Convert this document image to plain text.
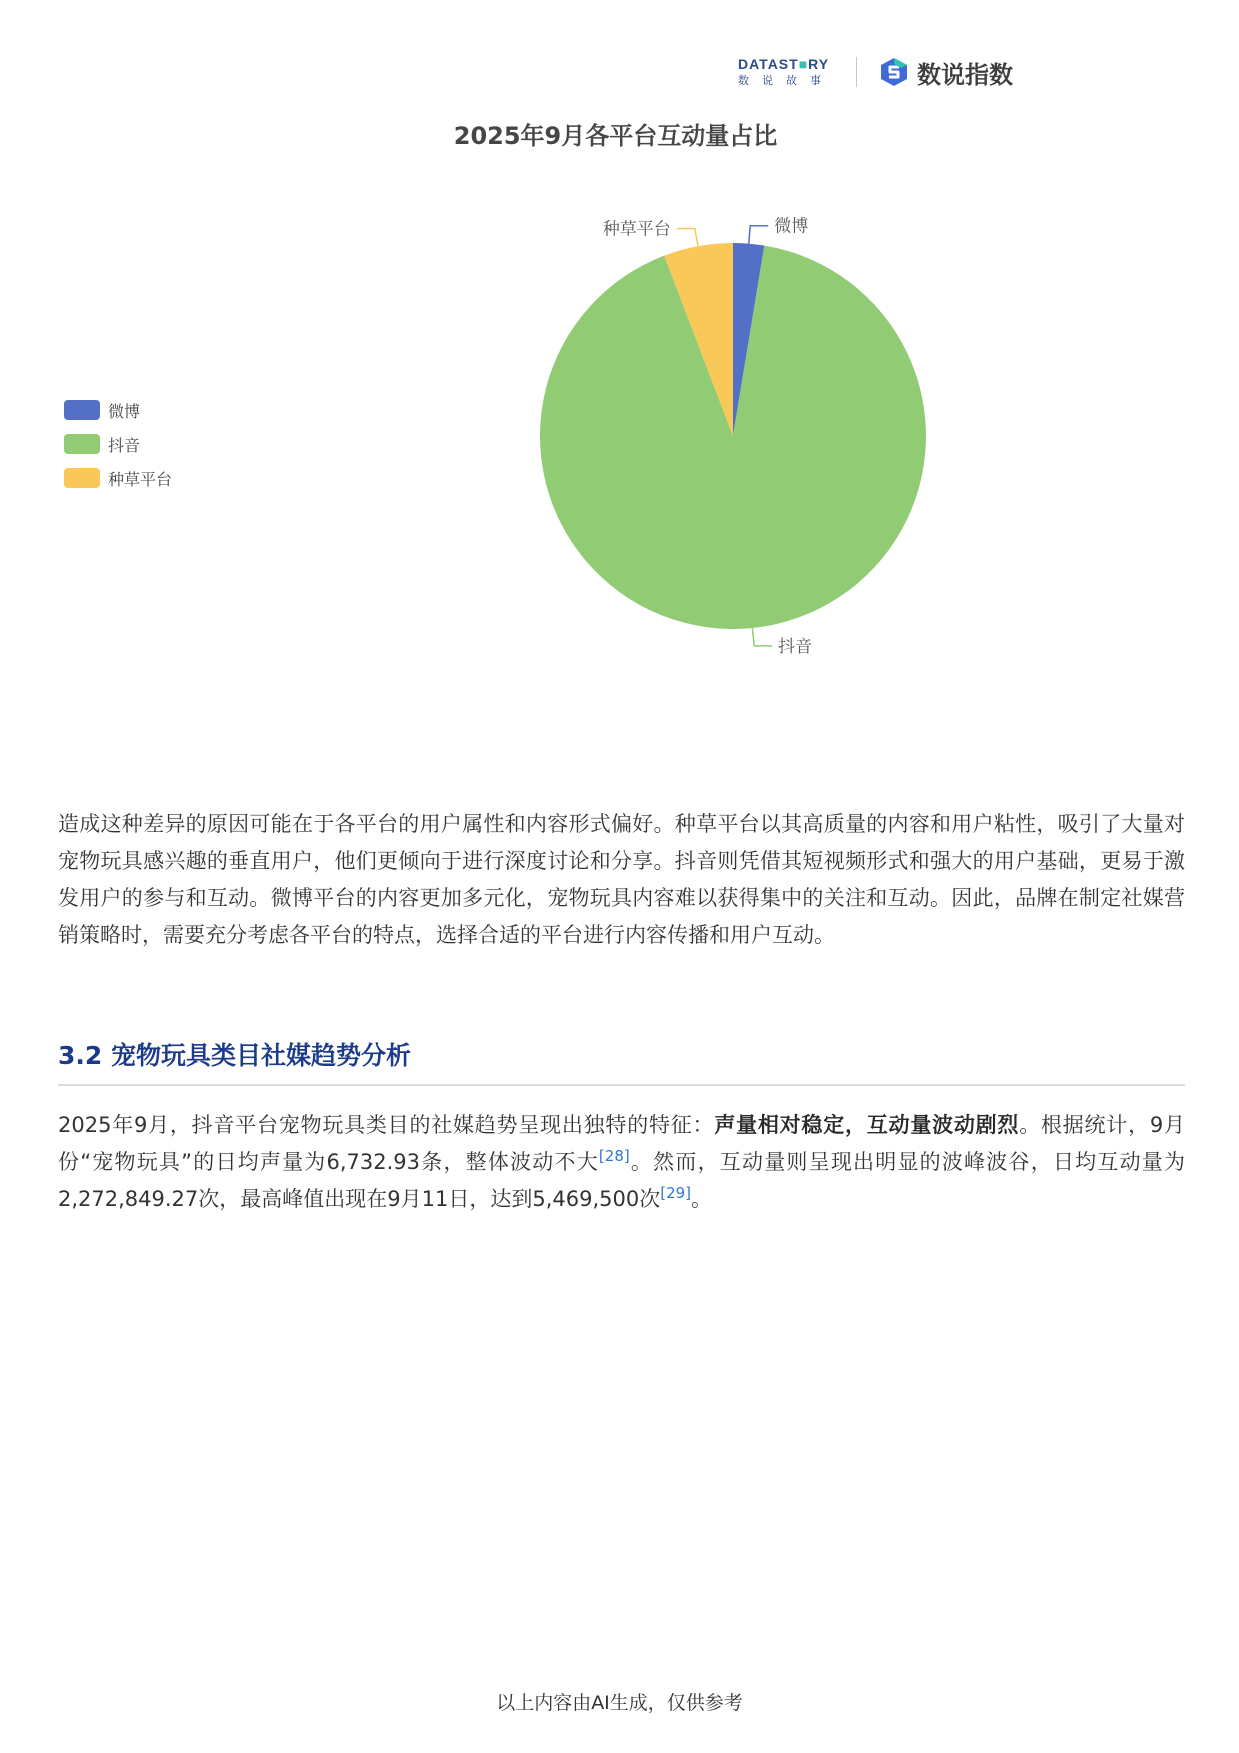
DATAST■RY
数说故事	数说指数
2025年9月各平台互动量占比
微博
抖音
种草平台
微博
抖音
种草平台

造成这种差异的原因可能在于各平台的用户属性和内容形式偏好。种草平台以其高质量的内容和用户粘性，吸引了大量对宠物玩具感兴趣的垂直用户，他们更倾向于进行深度讨论和分享。抖音则凭借其短视频形式和强大的用户基础，更易于激发用户的参与和互动。微博平台的内容更加多元化，宠物玩具内容难以获得集中的关注和互动。因此，品牌在制定社媒营销策略时，需要充分考虑各平台的特点，选择合适的平台进行内容传播和用户互动。

3.2 宠物玩具类目社媒趋势分析

2025年9月，抖音平台宠物玩具类目的社媒趋势呈现出独特的特征：声量相对稳定，互动量波动剧烈。根据统计，9月份“宠物玩具”的日均声量为6,732.93条，整体波动不大[28]。然而，互动量则呈现出明显的波峰波谷，日均互动量为2,272,849.27次，最高峰值出现在9月11日，达到5,469,500次[29]。

以上内容由AI生成，仅供参考
